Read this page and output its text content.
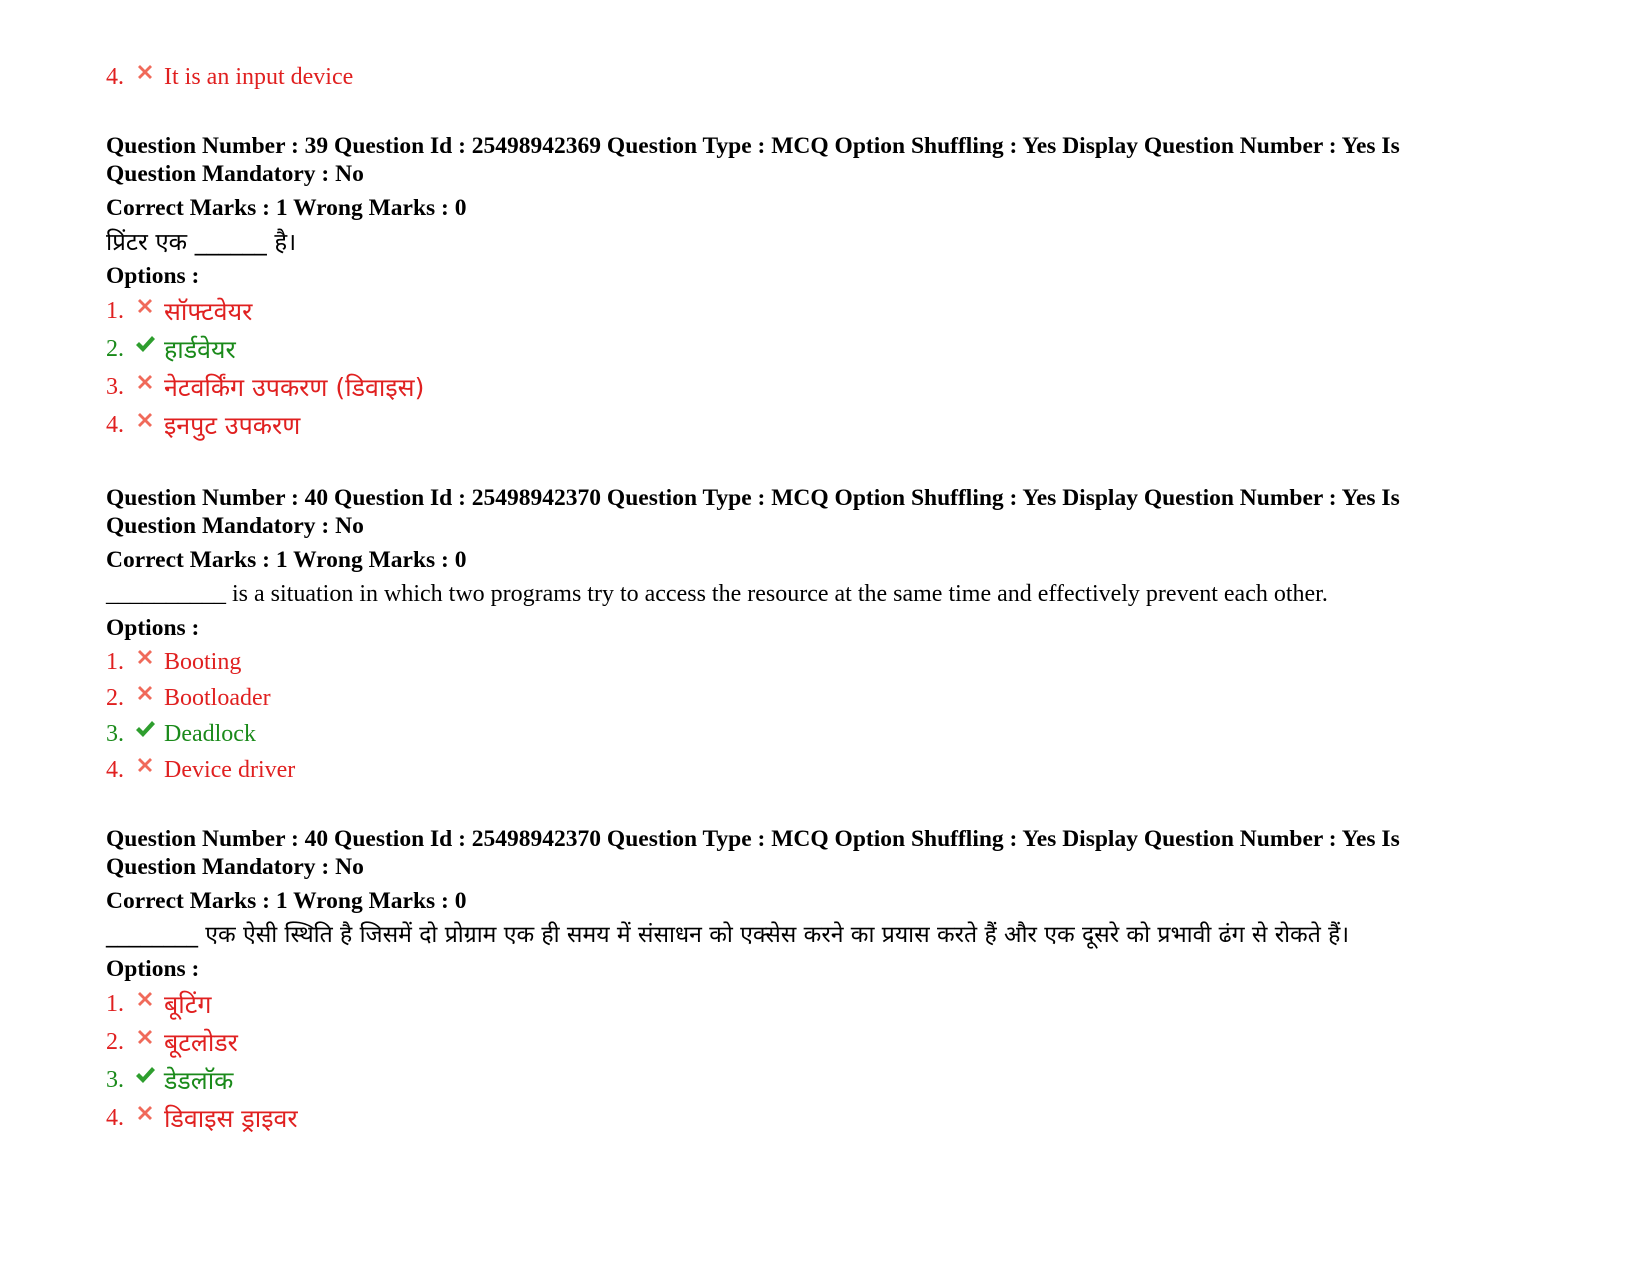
4.	It is an input device
Question Number : 39 Question Id : 25498942369 Question Type : MCQ Option Shuffling : Yes Display Question Number : Yes Is
Question Mandatory : No
Correct Marks : 1 Wrong Marks : 0
प्रिंटर एक ______ है।
Options :
1.	सॉफ्टवेयर
2.	हार्डवेयर
3.	नेटवर्किंग उपकरण (डिवाइस)
4.	इनपुट उपकरण
Question Number : 40 Question Id : 25498942370 Question Type : MCQ Option Shuffling : Yes Display Question Number : Yes Is
Question Mandatory : No
Correct Marks : 1 Wrong Marks : 0
__________ is a situation in which two programs try to access the resource at the same time and effectively prevent each other.
Options :
1.	Booting
2.	Bootloader
3.	Deadlock
4.	Device driver
Question Number : 40 Question Id : 25498942370 Question Type : MCQ Option Shuffling : Yes Display Question Number : Yes Is
Question Mandatory : No
Correct Marks : 1 Wrong Marks : 0
________ एक ऐसी स्थिति है जिसमें दो प्रोग्राम एक ही समय में संसाधन को एक्सेस करने का प्रयास करते हैं और एक दूसरे को प्रभावी ढंग से रोकते हैं।
Options :
1.	बूटिंग
2.	बूटलोडर
3.	डेडलॉक
4.	डिवाइस ड्राइवर
